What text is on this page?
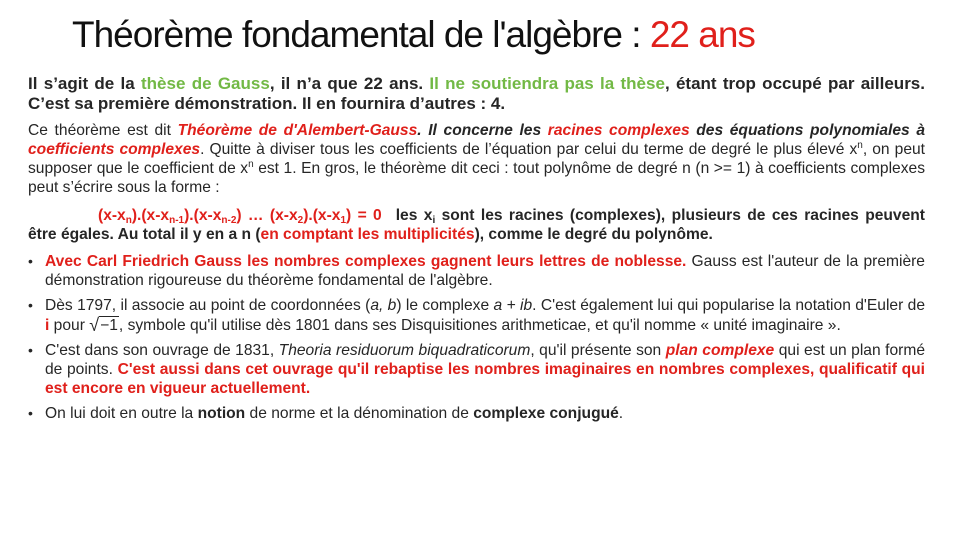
Théorème fondamental de l'algèbre : 22 ans

Il s’agit de la thèse de Gauss, il n’a que 22 ans. Il ne soutiendra pas la thèse, étant trop occupé par ailleurs. C’est sa première démonstration. Il en fournira d’autres : 4.

Ce théorème est dit Théorème de d'Alembert-Gauss. Il concerne les racines complexes des équations polynomiales à coefficients complexes. Quitte à diviser tous les coefficients de l’équation par celui du terme de degré le plus élevé $x^n$, on peut supposer que le coefficient de $x^n$ est 1. En gros, le théorème dit ceci : tout polynôme de degré n (n >= 1) à coefficients complexes peut s’écrire sous la forme :

$(x-x_n).(x-x_{n-1}).(x-x_{n-2})$ … $(x-x_2).(x-x_1) = 0$ les $x_i$ sont les racines (complexes), plusieurs de ces racines peuvent être égales. Au total il y en a n (en comptant les multiplicités), comme le degré du polynôme.

• Avec Carl Friedrich Gauss les nombres complexes gagnent leurs lettres de noblesse. Gauss est l'auteur de la première démonstration rigoureuse du théorème fondamental de l'algèbre.
• Dès 1797, il associe au point de coordonnées (a, b) le complexe a + ib. C'est également lui qui popularise la notation d'Euler de i pour √−1, symbole qu'il utilise dès 1801 dans ses Disquisitiones arithmeticae, et qu'il nomme « unité imaginaire ».
• C'est dans son ouvrage de 1831, Theoria residuorum biquadraticorum, qu'il présente son plan complexe qui est un plan formé de points. C'est aussi dans cet ouvrage qu'il rebaptise les nombres imaginaires en nombres complexes, qualificatif qui est encore en vigueur actuellement.
• On lui doit en outre la notion de norme et la dénomination de complexe conjugué.
